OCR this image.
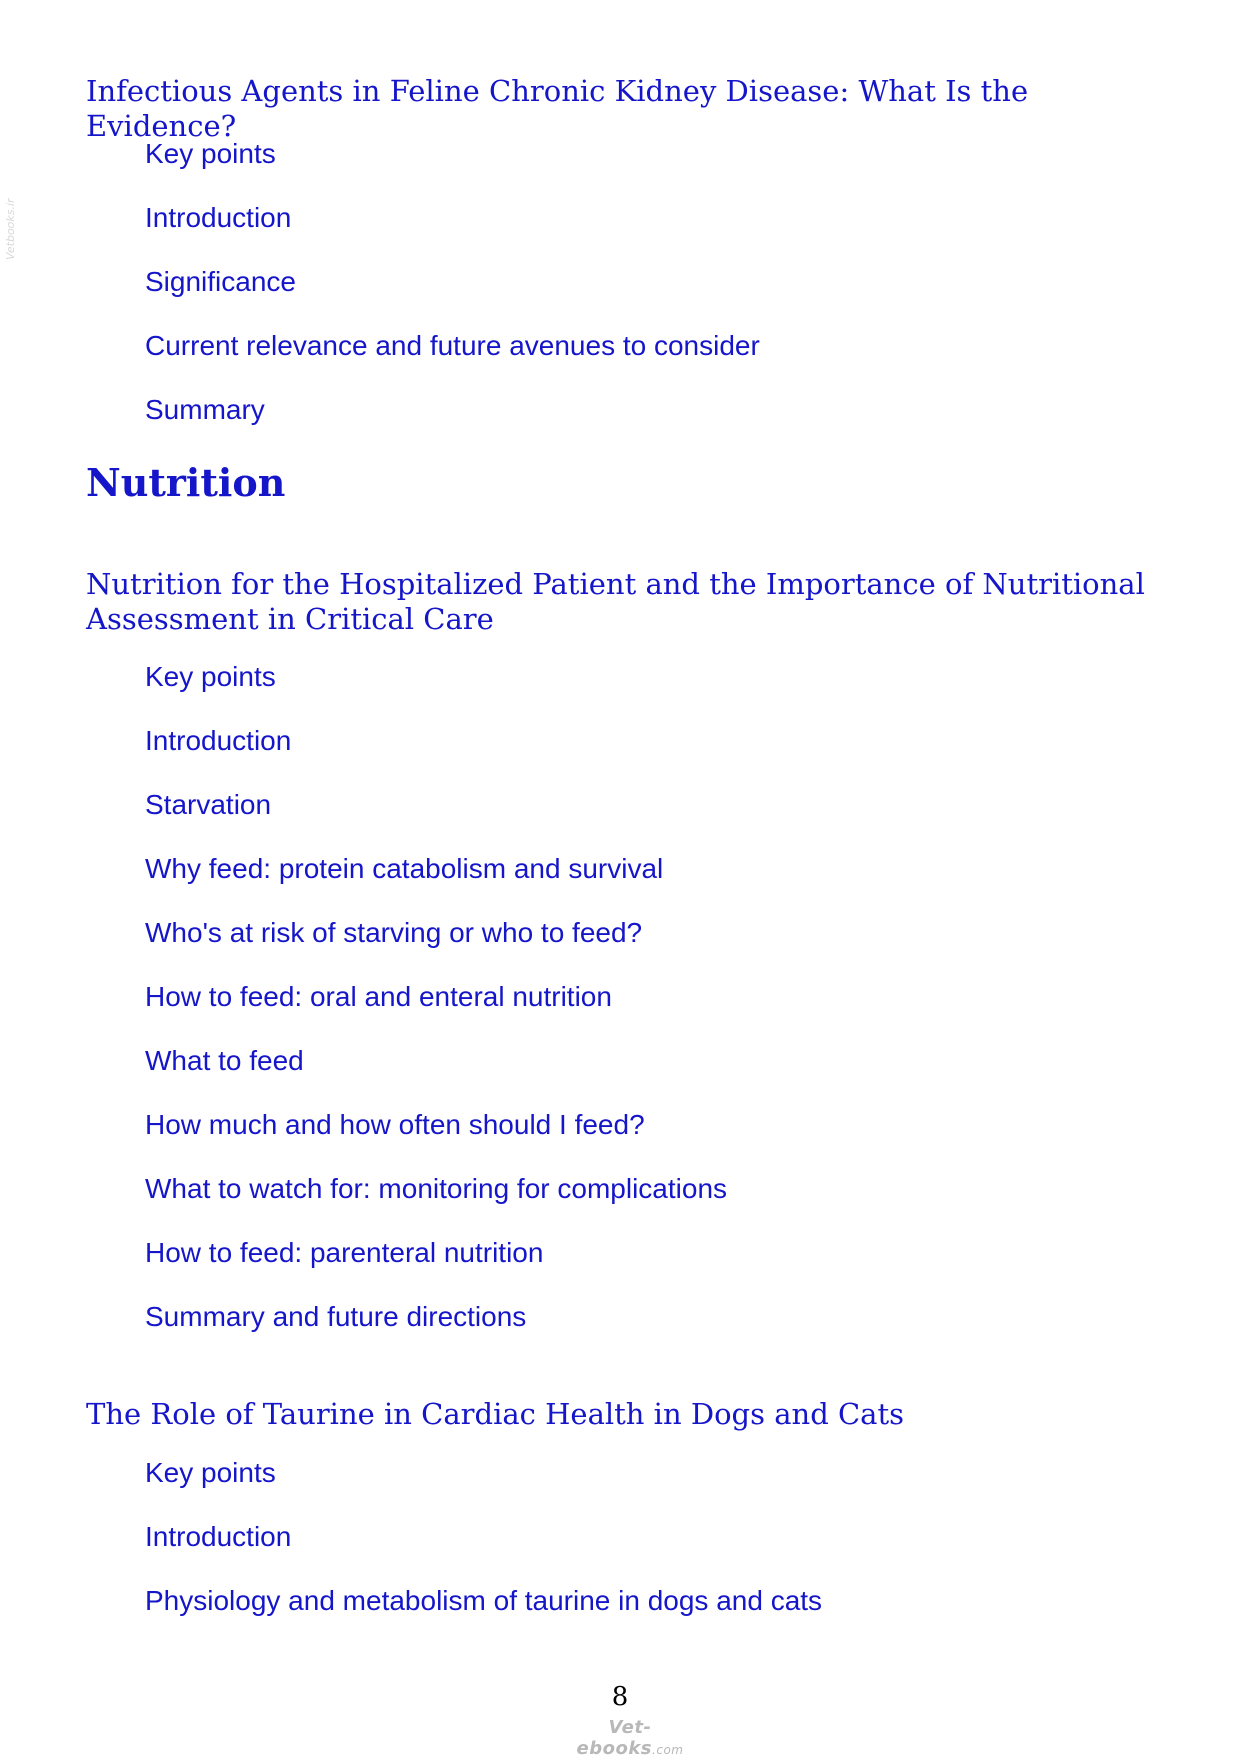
Vetbooks.ir
Infectious Agents in Feline Chronic Kidney Disease: What Is the Evidence?
Key points
Introduction
Significance
Current relevance and future avenues to consider
Summary
Nutrition
Nutrition for the Hospitalized Patient and the Importance of Nutritional Assessment in Critical Care
Key points
Introduction
Starvation
Why feed: protein catabolism and survival
Who's at risk of starving or who to feed?
How to feed: oral and enteral nutrition
What to feed
How much and how often should I feed?
What to watch for: monitoring for complications
How to feed: parenteral nutrition
Summary and future directions
The Role of Taurine in Cardiac Health in Dogs and Cats
Key points
Introduction
Physiology and metabolism of taurine in dogs and cats
8
Vet-ebooks.com
